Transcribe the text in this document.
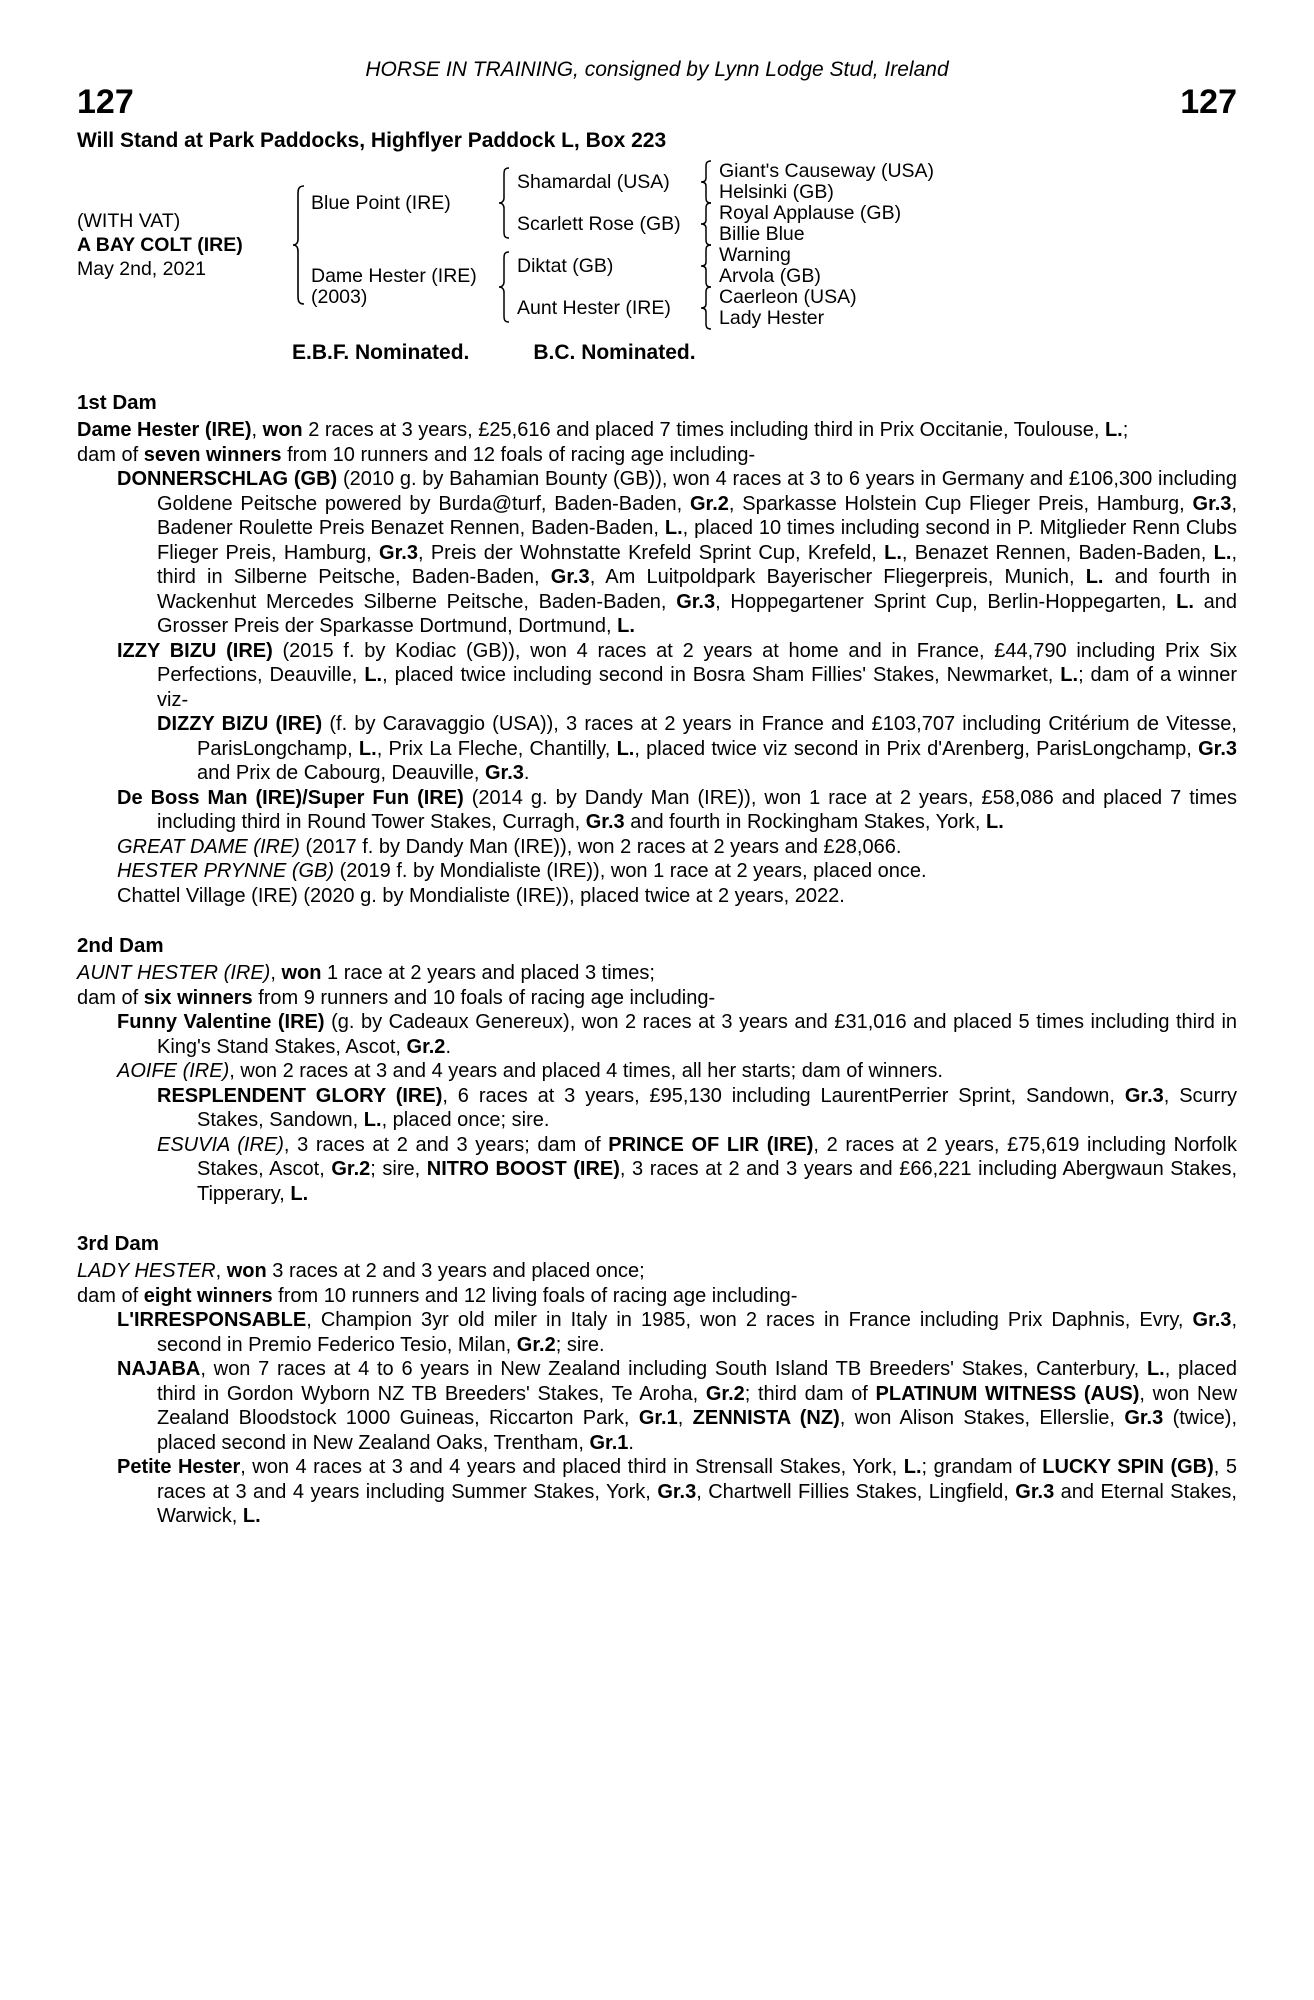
HORSE IN TRAINING, consigned by Lynn Lodge Stud, Ireland
127	127
Will Stand at Park Paddocks, Highflyer Paddock L, Box 223
(WITH VAT)
A BAY COLT (IRE)
May 2nd, 2021
Blue Point (IRE)
Dame Hester (IRE)
(2003)
Shamardal (USA)
Scarlett Rose (GB)
Diktat (GB)
Aunt Hester (IRE)
Giant's Causeway (USA)
Helsinki (GB)
Royal Applause (GB)
Billie Blue
Warning
Arvola (GB)
Caerleon (USA)
Lady Hester
E.B.F. Nominated.	B.C. Nominated.
1st Dam

Dame Hester (IRE), won 2 races at 3 years, £25,616 and placed 7 times including third in Prix Occitanie, Toulouse, L.;

dam of seven winners from 10 runners and 12 foals of racing age including-

DONNERSCHLAG (GB) (2010 g. by Bahamian Bounty (GB)), won 4 races at 3 to 6 years in Germany and £106,300 including Goldene Peitsche powered by Burda@turf, Baden-Baden, Gr.2, Sparkasse Holstein Cup Flieger Preis, Hamburg, Gr.3, Badener Roulette Preis Benazet Rennen, Baden-Baden, L., placed 10 times including second in P. Mitglieder Renn Clubs Flieger Preis, Hamburg, Gr.3, Preis der Wohnstatte Krefeld Sprint Cup, Krefeld, L., Benazet Rennen, Baden-Baden, L., third in Silberne Peitsche, Baden-Baden, Gr.3, Am Luitpoldpark Bayerischer Fliegerpreis, Munich, L. and fourth in Wackenhut Mercedes Silberne Peitsche, Baden-Baden, Gr.3, Hoppegartener Sprint Cup, Berlin-Hoppegarten, L. and Grosser Preis der Sparkasse Dortmund, Dortmund, L.

IZZY BIZU (IRE) (2015 f. by Kodiac (GB)), won 4 races at 2 years at home and in France, £44,790 including Prix Six Perfections, Deauville, L., placed twice including second in Bosra Sham Fillies' Stakes, Newmarket, L.; dam of a winner viz-

DIZZY BIZU (IRE) (f. by Caravaggio (USA)), 3 races at 2 years in France and £103,707 including Critérium de Vitesse, ParisLongchamp, L., Prix La Fleche, Chantilly, L., placed twice viz second in Prix d'Arenberg, ParisLongchamp, Gr.3 and Prix de Cabourg, Deauville, Gr.3.

De Boss Man (IRE)/Super Fun (IRE) (2014 g. by Dandy Man (IRE)), won 1 race at 2 years, £58,086 and placed 7 times including third in Round Tower Stakes, Curragh, Gr.3 and fourth in Rockingham Stakes, York, L.

GREAT DAME (IRE) (2017 f. by Dandy Man (IRE)), won 2 races at 2 years and £28,066.

HESTER PRYNNE (GB) (2019 f. by Mondialiste (IRE)), won 1 race at 2 years, placed once.

Chattel Village (IRE) (2020 g. by Mondialiste (IRE)), placed twice at 2 years, 2022.

2nd Dam

AUNT HESTER (IRE), won 1 race at 2 years and placed 3 times;

dam of six winners from 9 runners and 10 foals of racing age including-

Funny Valentine (IRE) (g. by Cadeaux Genereux), won 2 races at 3 years and £31,016 and placed 5 times including third in King's Stand Stakes, Ascot, Gr.2.

AOIFE (IRE), won 2 races at 3 and 4 years and placed 4 times, all her starts; dam of winners.

RESPLENDENT GLORY (IRE), 6 races at 3 years, £95,130 including LaurentPerrier Sprint, Sandown, Gr.3, Scurry Stakes, Sandown, L., placed once; sire.

ESUVIA (IRE), 3 races at 2 and 3 years; dam of PRINCE OF LIR (IRE), 2 races at 2 years, £75,619 including Norfolk Stakes, Ascot, Gr.2; sire, NITRO BOOST (IRE), 3 races at 2 and 3 years and £66,221 including Abergwaun Stakes, Tipperary, L.

3rd Dam

LADY HESTER, won 3 races at 2 and 3 years and placed once;

dam of eight winners from 10 runners and 12 living foals of racing age including-

L'IRRESPONSABLE, Champion 3yr old miler in Italy in 1985, won 2 races in France including Prix Daphnis, Evry, Gr.3, second in Premio Federico Tesio, Milan, Gr.2; sire.

NAJABA, won 7 races at 4 to 6 years in New Zealand including South Island TB Breeders' Stakes, Canterbury, L., placed third in Gordon Wyborn NZ TB Breeders' Stakes, Te Aroha, Gr.2; third dam of PLATINUM WITNESS (AUS), won New Zealand Bloodstock 1000 Guineas, Riccarton Park, Gr.1, ZENNISTA (NZ), won Alison Stakes, Ellerslie, Gr.3 (twice), placed second in New Zealand Oaks, Trentham, Gr.1.

Petite Hester, won 4 races at 3 and 4 years and placed third in Strensall Stakes, York, L.; grandam of LUCKY SPIN (GB), 5 races at 3 and 4 years including Summer Stakes, York, Gr.3, Chartwell Fillies Stakes, Lingfield, Gr.3 and Eternal Stakes, Warwick, L.
